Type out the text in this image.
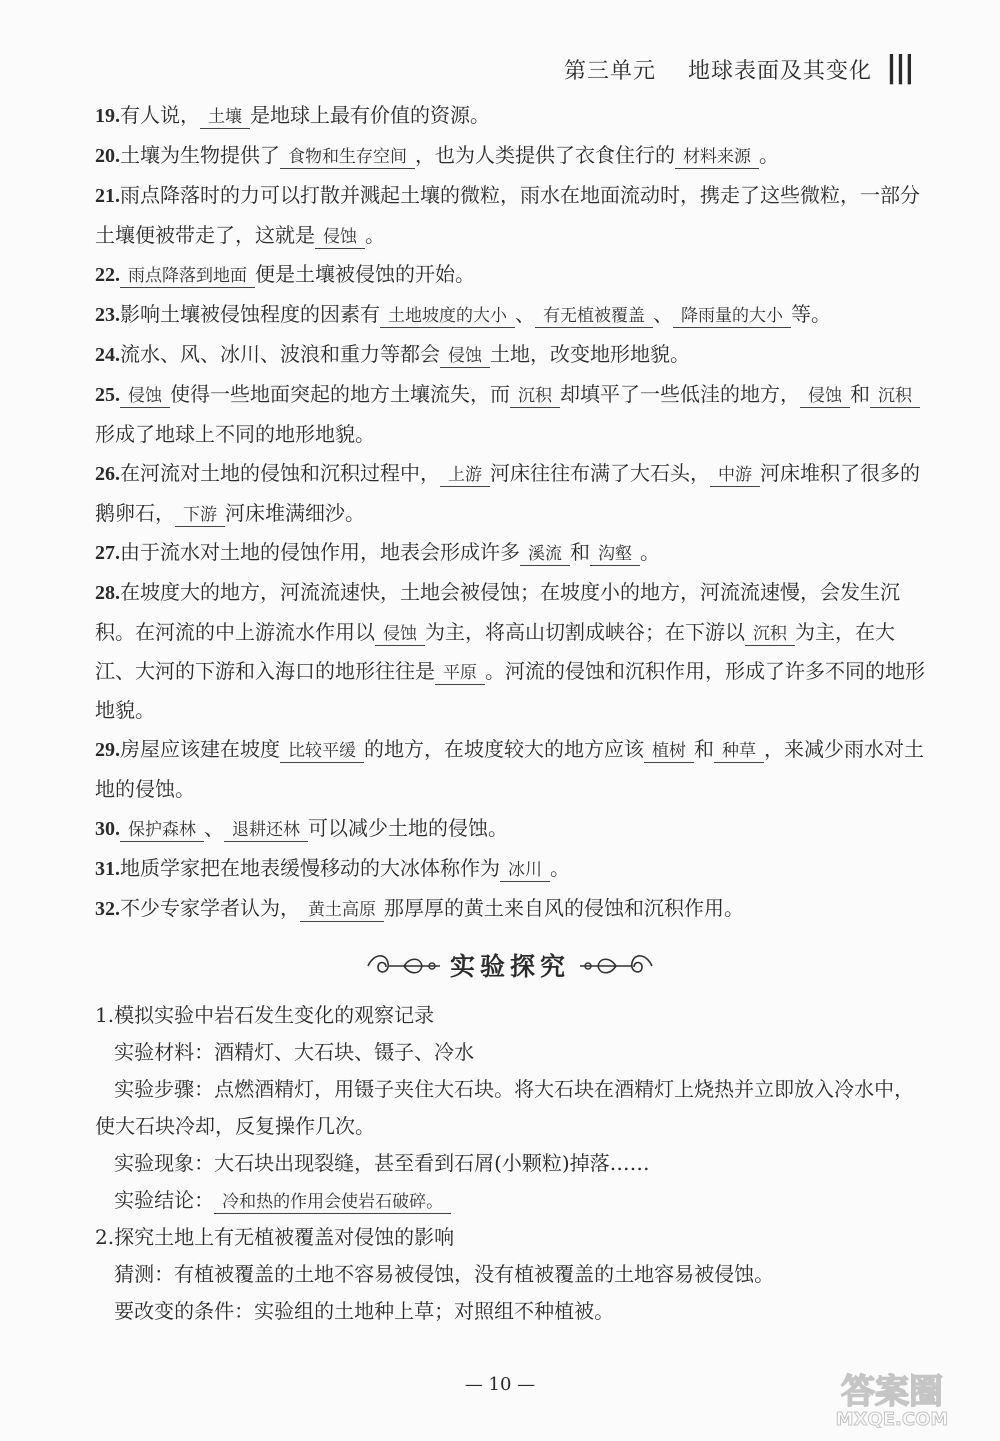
第三单元 地球表面及其变化 |||

19.有人说， 土壤 是地球上最有价值的资源。

20.土壤为生物提供了 食物和生存空间 ，也为人类提供了衣食住行的 材料来源 。

21.雨点降落时的力可以打散并溅起土壤的微粒，雨水在地面流动时，携走了这些微粒，一部分土壤便被带走了，这就是 侵蚀 。

22. 雨点降落到地面 便是土壤被侵蚀的开始。

23.影响土壤被侵蚀程度的因素有 土地坡度的大小 、 有无植被覆盖 、 降雨量的大小 等。

24.流水、风、冰川、波浪和重力等都会 侵蚀 土地，改变地形地貌。

25. 侵蚀 使得一些地面突起的地方土壤流失，而 沉积 却填平了一些低洼的地方， 侵蚀 和 沉积形成了地球上不同的地形地貌。

26.在河流对土地的侵蚀和沉积过程中， 上游 河床往往布满了大石头， 中游 河床堆积了很多的鹅卵石， 下游 河床堆满细沙。

27.由于流水对土地的侵蚀作用，地表会形成许多 溪流 和 沟壑 。

28.在坡度大的地方，河流流速快，土地会被侵蚀；在坡度小的地方，河流流速慢，会发生沉积。在河流的中上游流水作用以 侵蚀 为主，将高山切割成峡谷；在下游以 沉积 为主，在大江、大河的下游和入海口的地形往往是 平原 。河流的侵蚀和沉积作用，形成了许多不同的地形地貌。

29.房屋应该建在坡度 比较平缓 的地方，在坡度较大的地方应该 植树 和 种草 ，来减少雨水对土地的侵蚀。

30. 保护森林 、 退耕还林 可以减少土地的侵蚀。

31.地质学家把在地表缓慢移动的大冰体称作为 冰川 。

32.不少专家学者认为， 黄土高原 那厚厚的黄土来自风的侵蚀和沉积作用。

实验探究

1.模拟实验中岩石发生变化的观察记录

实验材料：酒精灯、大石块、镊子、冷水

实验步骤：点燃酒精灯，用镊子夹住大石块。将大石块在酒精灯上烧热并立即放入冷水中，使大石块冷却，反复操作几次。

实验现象：大石块出现裂缝，甚至看到石屑(小颗粒)掉落……

实验结论： 冷和热的作用会使岩石破碎。

2.探究土地上有无植被覆盖对侵蚀的影响

猜测：有植被覆盖的土地不容易被侵蚀，没有植被覆盖的土地容易被侵蚀。

要改变的条件：实验组的土地种上草；对照组不种植被。

— 10 —	答案圈
MXQE.COM
